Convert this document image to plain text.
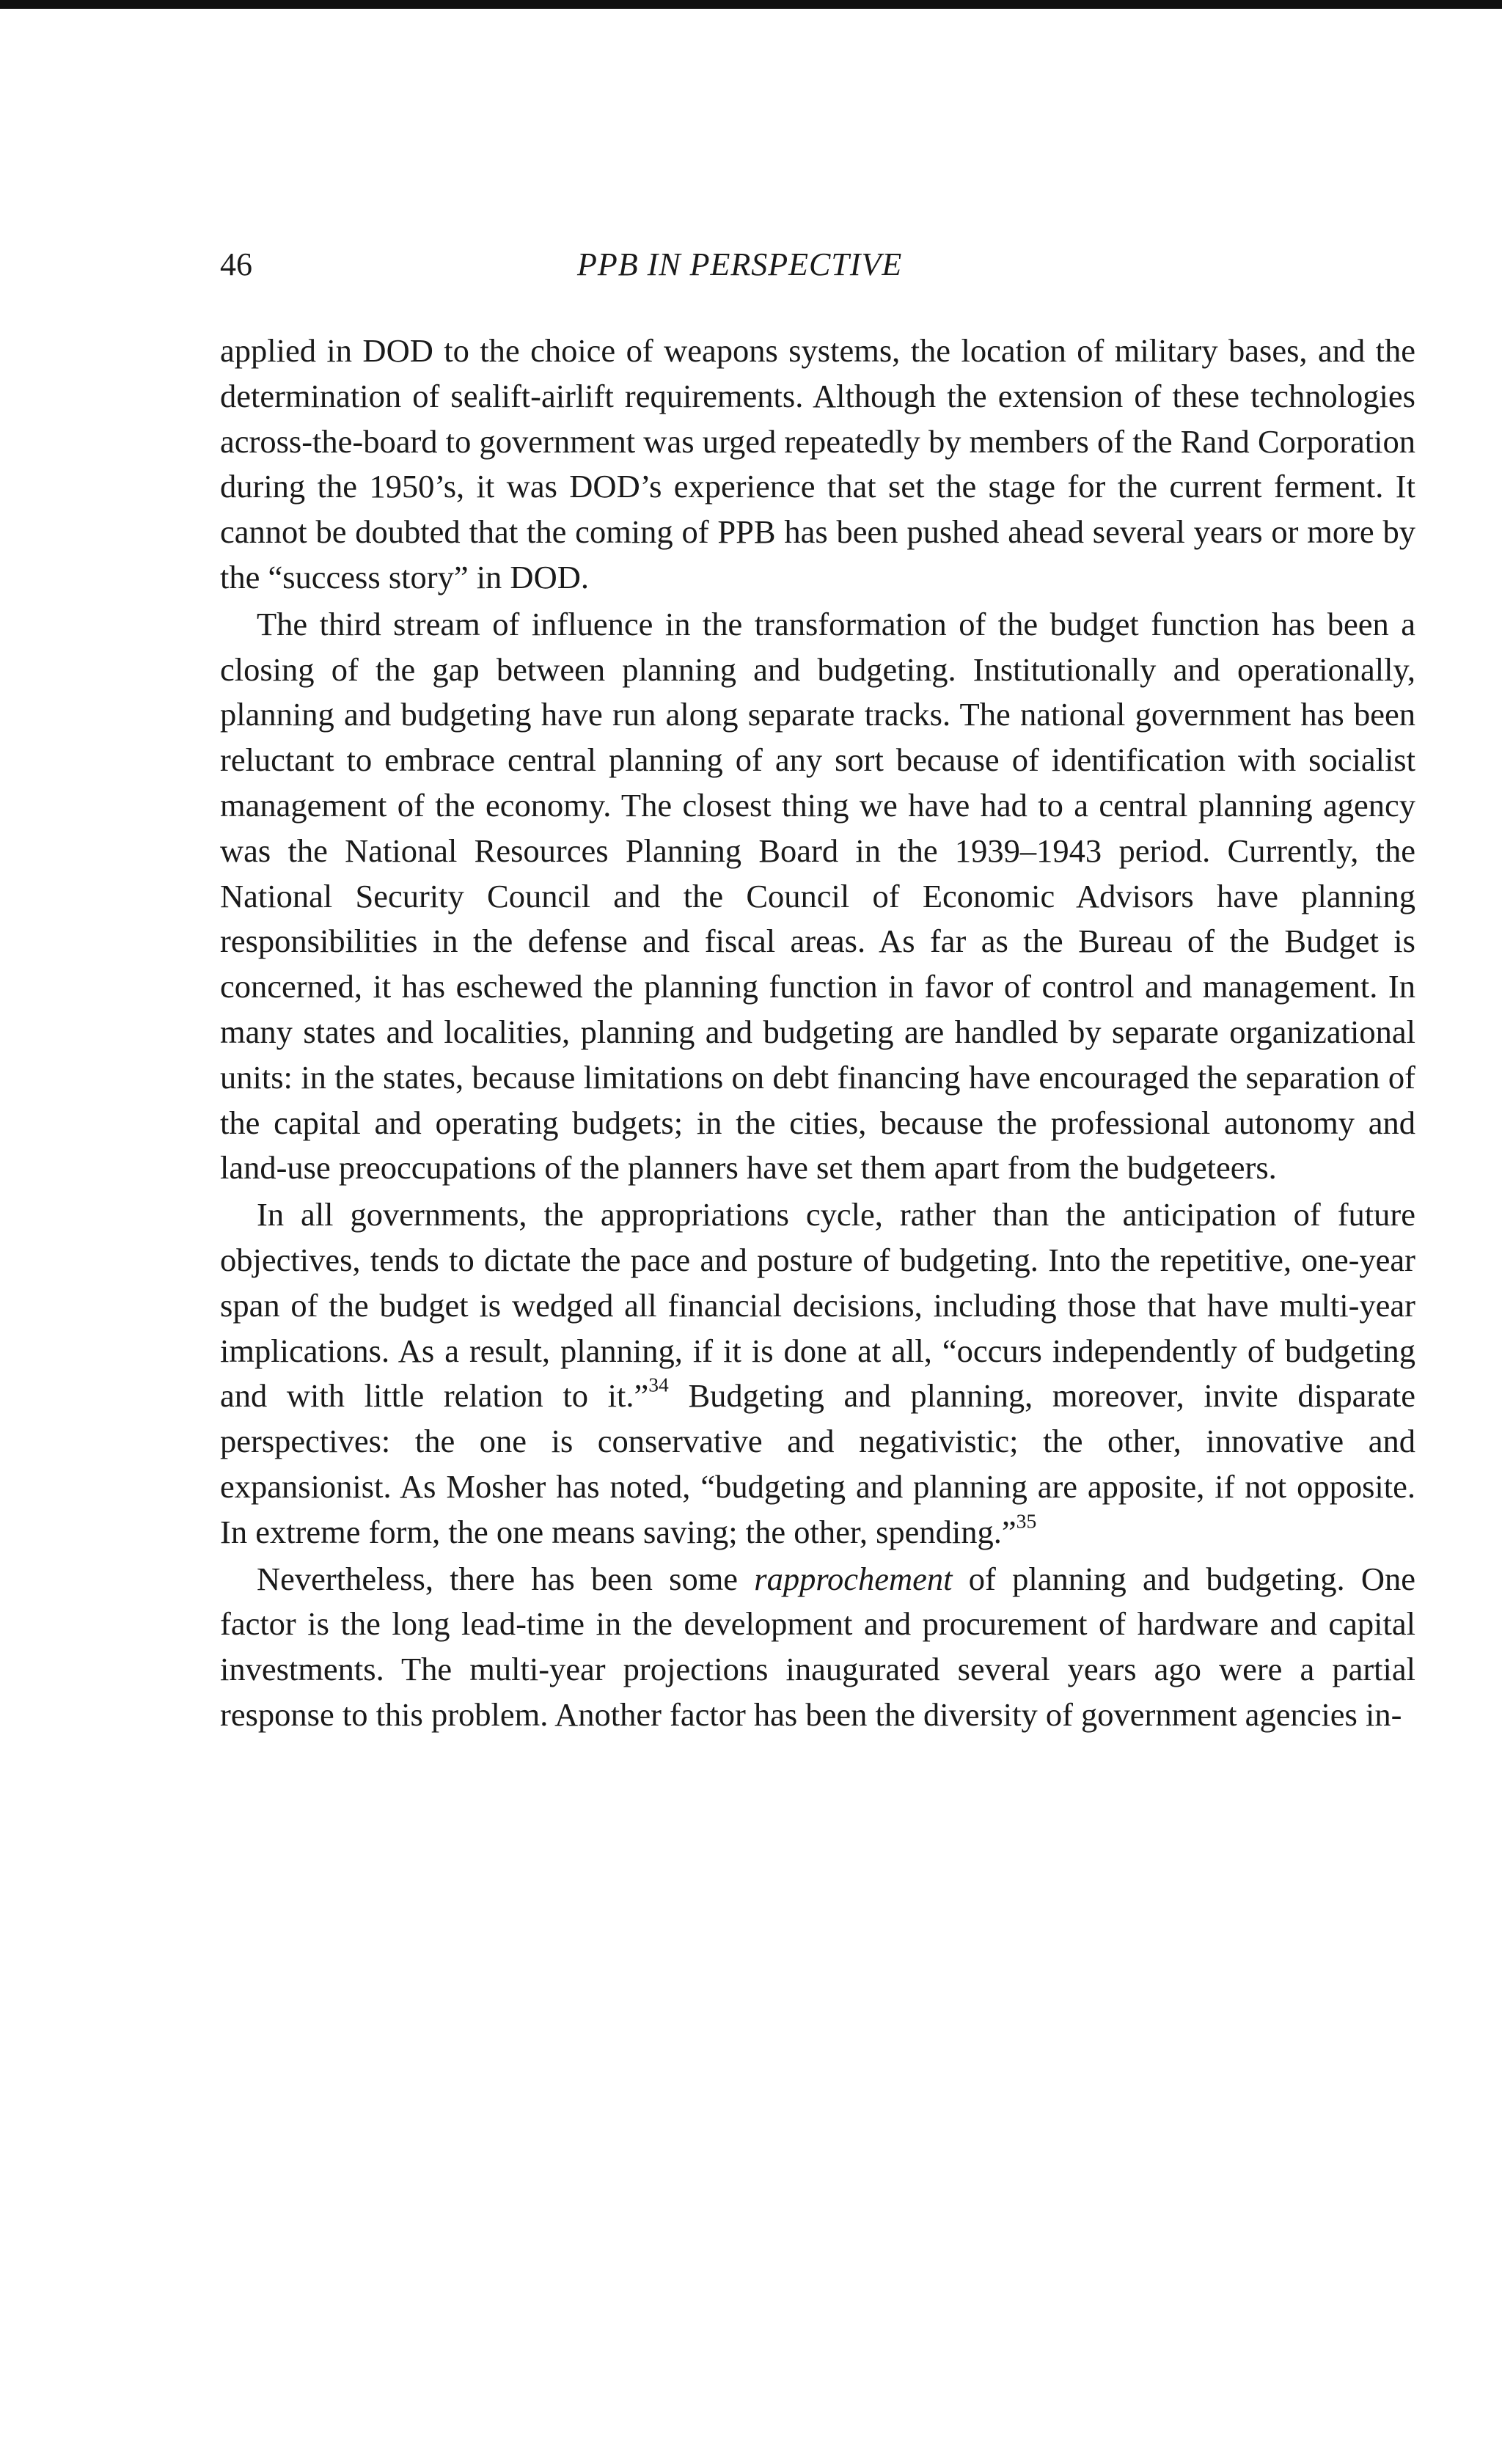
46	PPB IN PERSPECTIVE

applied in DOD to the choice of weapons systems, the location of military bases, and the determination of sealift-airlift requirements. Although the extension of these technologies across-the-board to government was urged repeatedly by members of the Rand Corporation during the 1950’s, it was DOD’s experience that set the stage for the current ferment. It cannot be doubted that the coming of PPB has been pushed ahead several years or more by the “success story” in DOD.

The third stream of influence in the transformation of the budget function has been a closing of the gap between planning and budgeting. Institutionally and operationally, planning and budgeting have run along separate tracks. The national government has been reluctant to embrace central planning of any sort because of identification with socialist management of the economy. The closest thing we have had to a central planning agency was the National Resources Planning Board in the 1939–1943 period. Currently, the National Security Council and the Council of Economic Advisors have planning responsibilities in the defense and fiscal areas. As far as the Bureau of the Budget is concerned, it has eschewed the planning function in favor of control and management. In many states and localities, planning and budgeting are handled by separate organizational units: in the states, because limitations on debt financing have encouraged the separation of the capital and operating budgets; in the cities, because the professional autonomy and land-use preoccupations of the planners have set them apart from the budgeteers.

In all governments, the appropriations cycle, rather than the anticipation of future objectives, tends to dictate the pace and posture of budgeting. Into the repetitive, one-year span of the budget is wedged all financial decisions, including those that have multi-year implications. As a result, planning, if it is done at all, “occurs independently of budgeting and with little relation to it.”$^{34}$ Budgeting and planning, moreover, invite disparate perspectives: the one is conservative and negativistic; the other, innovative and expansionist. As Mosher has noted, “budgeting and planning are apposite, if not opposite. In extreme form, the one means saving; the other, spending.”$^{35}$

Nevertheless, there has been some rapprochement of planning and budgeting. One factor is the long lead-time in the development and procurement of hardware and capital investments. The multi-year projections inaugurated several years ago were a partial response to this problem. Another factor has been the diversity of government agencies in-
